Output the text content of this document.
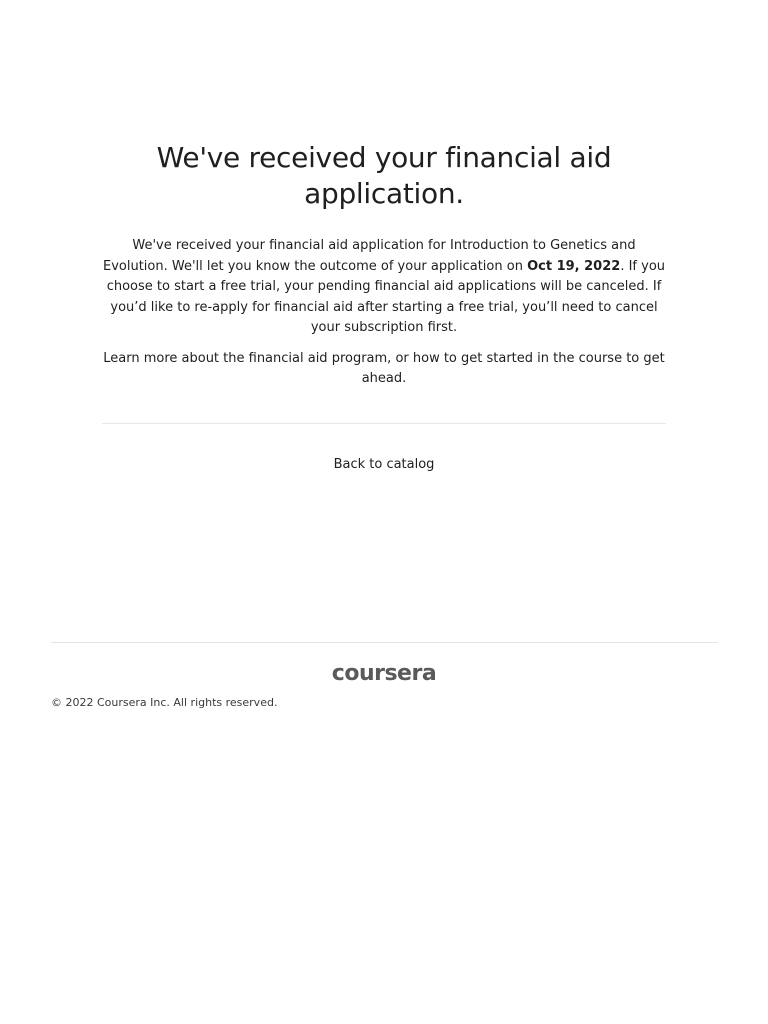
We've received your financial aid application.

We've received your financial aid application for Introduction to Genetics and Evolution. We'll let you know the outcome of your application on Oct 19, 2022. If you choose to start a free trial, your pending financial aid applications will be canceled. If you’d like to re-apply for financial aid after starting a free trial, you’ll need to cancel your subscription first.

Learn more about the financial aid program, or how to get started in the course to get ahead.

Back to catalog
coursera
© 2022 Coursera Inc. All rights reserved.
